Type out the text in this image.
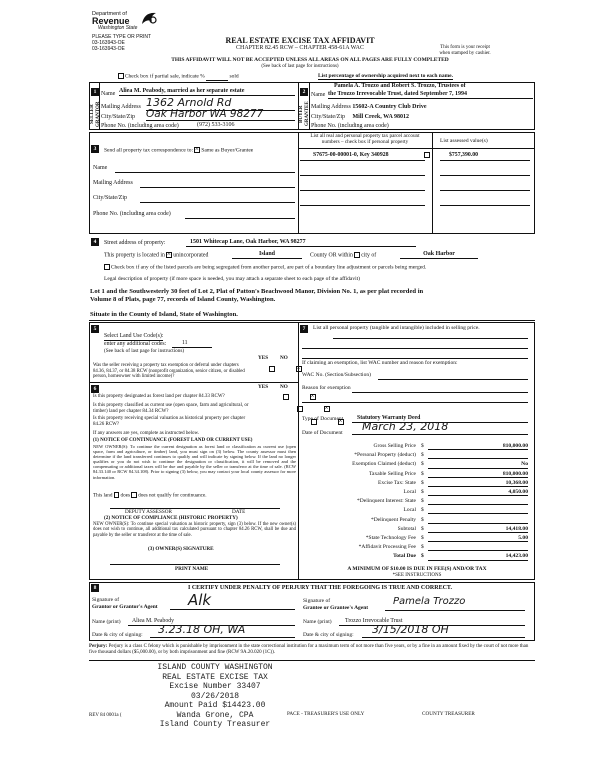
Department of
Revenue
Washington State
PLEASE TYPE OR PRINT
03-163943-OE
03-163943-OE
REAL ESTATE EXCISE TAX AFFIDAVIT
CHAPTER 82.45 RCW – CHAPTER 458-61A WAC	This form is your receipt
when stamped by cashier.
THIS AFFIDAVIT WILL NOT BE ACCEPTED UNLESS ALL AREAS ON ALL PAGES ARE FULLY COMPLETED
(See back of last page for instructions)
Check box if partial sale, indicate %	sold	List percentage of ownership acquired next to each name.
1
SELLER GRANTOR
Name Aliea M. Peabody, married as her separate estate
Mailing Address 1362 Arnold Rd
City/State/Zip Oak Harbor WA 98277
Phone No. (including area code)	(972) 533-3106
2
BUYER GRANTEE
Pamela A. Trozzo and Robert S. Trozzo, Trustees of
Name the Trozzo Irrevocable Trust, dated September 7, 1994
Mailing Address 15602-A Country Club Drive
City/State/Zip Mill Creek, WA 98012
Phone No. (including area code)
3	Send all property tax correspondence to: × Same as Buyer/Grantee
Name
Mailing Address
City/State/Zip
Phone No. (including area code)
List all real and personal property tax parcel account
numbers – check box if personal property	List assessed value(s)
S7675-00-00001-0, Key 340928
	$757,390.00
4	Street address of property:	1501 Whitecap Lane, Oak Harbor, WA 98277
This property is located in × unincorporated	Island	County OR within city of	Oak Harbor
Check box if any of the listed parcels are being segregated from another parcel, are part of a boundary line adjustment or parcels being merged.
Legal description of property (if more space is needed, you may attach a separate sheet to each page of the affidavit)
Lot 1 and the Southwesterly 30 feet of Lot 2, Plat of Patton's Beachwood Manor, Division No. 1, as per plat recorded in
Volume 8 of Plats, page 77, records of Island County, Washington.
Situate in the County of Island, State of Washington.
5
Select Land Use Code(s):
enter any additional codes:	11
(See back of last page for instructions)
YES NO
Was the seller receiving a property tax exemption or deferral under chapters 84.36, 84.37, or 84.38 RCW (nonprofit organization, senior citizen, or disabled person, homeowner with limited income)?
×
6	YES NO
Is this property designated as forest land per chapter 84.33 RCW?
×
Is this property classified as current use (open space, farm and agricultural, or timber) land per chapter 84.34 RCW?
×
Is this property receiving special valuation as historical property per chapter 84.26 RCW?
×
If any answers are yes, complete as instructed below.
(1) NOTICE OF CONTINUANCE (FOREST LAND OR CURRENT USE)
NEW OWNER(S): To continue the current designation as forest land or classification as current use (open space, farm and agriculture, or timber) land, you must sign on (3) below. The county assessor must then determine if the land transferred continues to qualify and will indicate by signing below. If the land no longer qualifies or you do not wish to continue the designation or classification, it will be removed and the compensating or additional taxes will be due and payable by the seller or transferor at the time of sale. (RCW 84.33.140 or RCW 84.34.108). Prior to signing (3) below, you may contact your local county assessor for more information.
This land does does not qualify for continuance.
DEPUTY ASSESSOR	DATE
(2) NOTICE OF COMPLIANCE (HISTORIC PROPERTY)
NEW OWNER(S): To continue special valuation as historic property, sign (3) below. If the new owner(s) does not wish to continue, all additional tax calculated pursuant to chapter 84.26 RCW, shall be due and payable by the seller or transferor at the time of sale.
(3) OWNER(S) SIGNATURE
PRINT NAME
7	List all personal property (tangible and intangible) included in selling price.
If claiming an exemption, list WAC number and reason for exemption:
WAC No. (Section/Subsection)
Reason for exemption
Type of Document	Statutory Warranty Deed
Date of Document	March 23, 2018
Gross Selling Price $	810,000.00
*Personal Property (deduct) $
Exemption Claimed (deduct) $	No
Taxable Selling Price $	810,000.00
Excise Tax: State $	10,368.00
Local $	4,050.00
*Delinquent Interest: State $
Local $
*Delinquent Penalty $
Subtotal $	14,418.00
*State Technology Fee $	5.00
*Affidavit Processing Fee $
Total Due $	14,423.00
A MINIMUM OF $10.00 IS DUE IN FEE(S) AND/OR TAX
*SEE INSTRUCTIONS
8	I CERTIFY UNDER PENALTY OF PERJURY THAT THE FOREGOING IS TRUE AND CORRECT.
Signature of
Grantor or Grantor's Agent	Alk
Name (print)	Aliea M. Peabody
Date & city of signing:	3.23.18 OH, WA
Signature of
Grantee or Grantee's Agent
Pamela Trozzo
Name (print)	Trozzo Irrevocable Trust
Date & city of signing:	3/15/2018 OH
Perjury: Perjury is a class C felony which is punishable by imprisonment in the state correctional institution for a maximum term of not more than five years, or by a fine in an amount fixed by the court of not more than five thousand dollars ($5,000.00), or by both imprisonment and fine (RCW 9A.20.020 (1C)).
ISLAND COUNTY WASHINGTON
REAL ESTATE EXCISE TAX
Excise Number 33407
03/26/2018
Amount Paid $14423.00
Wanda Grone, CPA
Island County Treasurer
REV 84 0001a (	PACE - TREASURER'S USE ONLY	COUNTY TREASURER
